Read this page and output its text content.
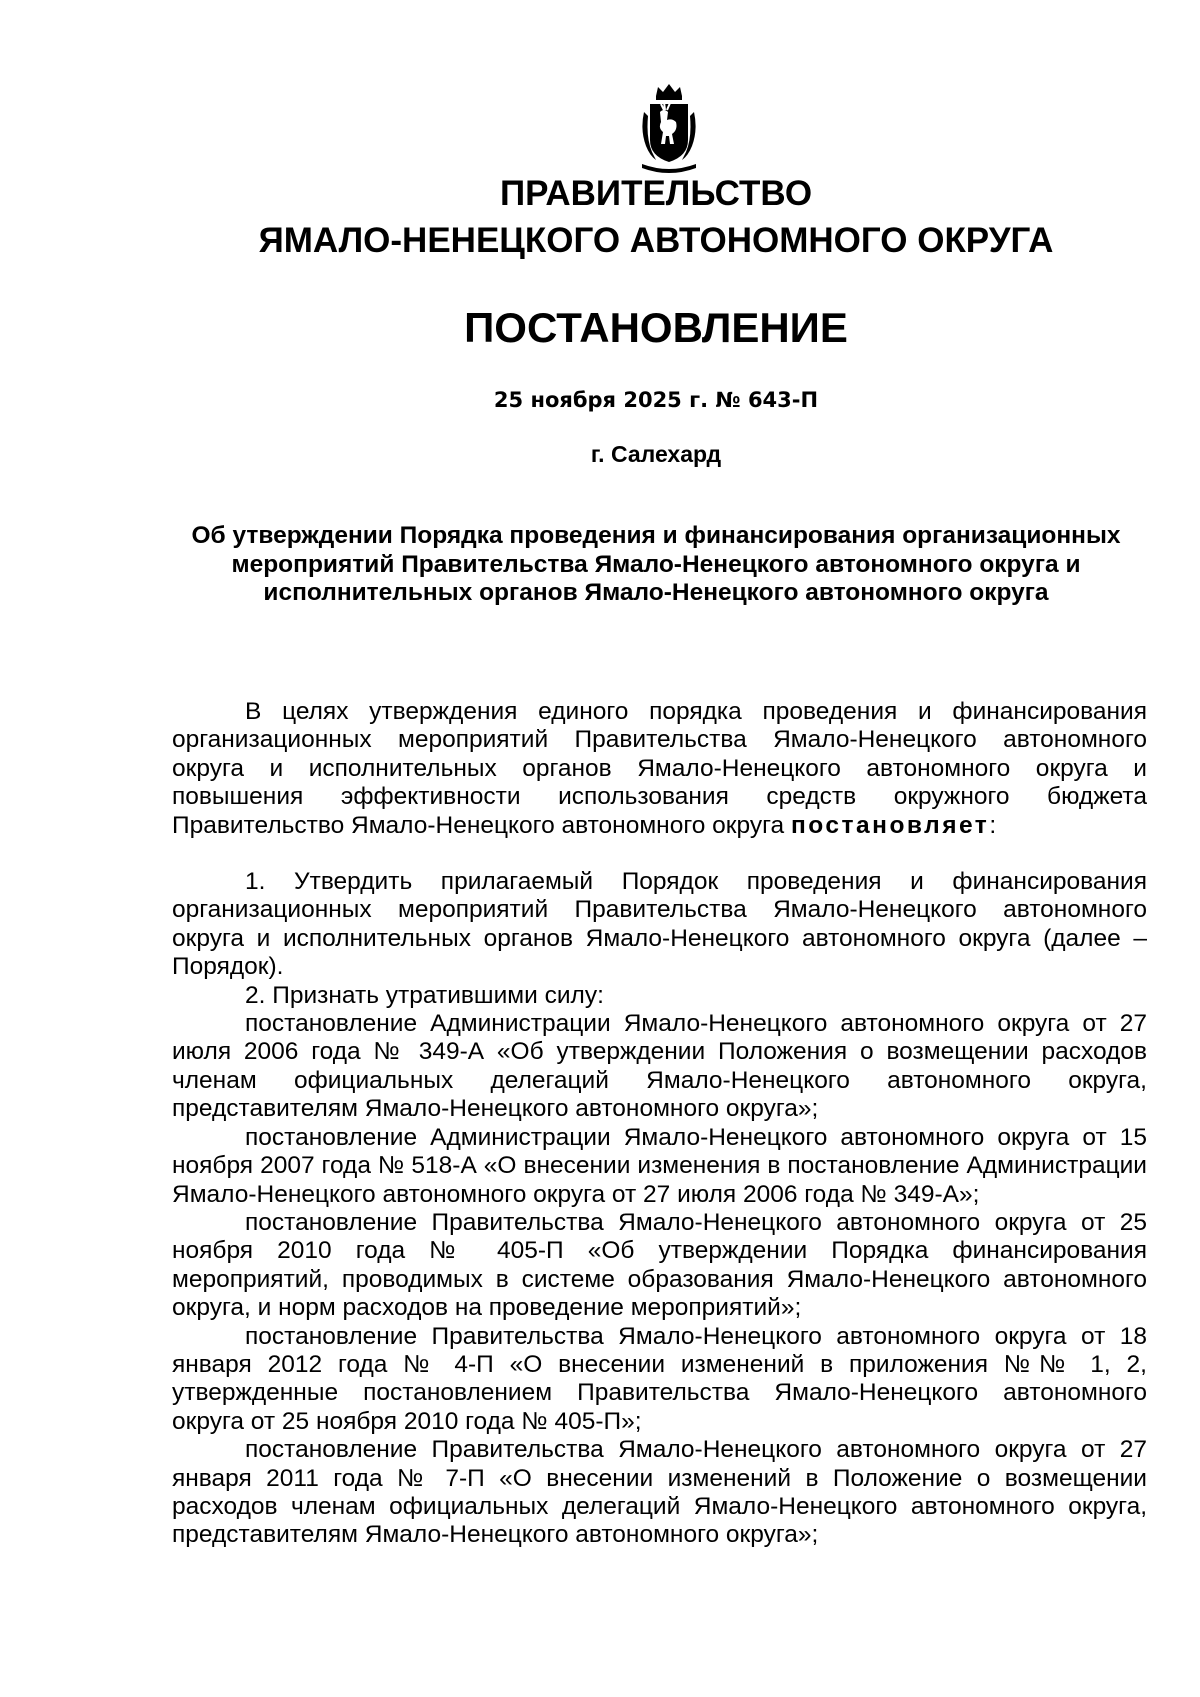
ПРАВИТЕЛЬСТВО
ЯМАЛО-НЕНЕЦКОГО АВТОНОМНОГО ОКРУГА
ПОСТАНОВЛЕНИЕ
25 ноября 2025 г. № 643-П
г. Салехард
Об утверждении Порядка проведения и финансирования организационных мероприятий Правительства Ямало-Ненецкого автономного округа и исполнительных органов Ямало-Ненецкого автономного округа

В целях утверждения единого порядка проведения и финансирования организационных мероприятий Правительства Ямало-Ненецкого автономного округа и исполнительных органов Ямало-Ненецкого автономного округа и повышения эффективности использования средств окружного бюджета Правительство Ямало-Ненецкого автономного округа постановляет:

1. Утвердить прилагаемый Порядок проведения и финансирования организационных мероприятий Правительства Ямало-Ненецкого автономного округа и исполнительных органов Ямало-Ненецкого автономного округа (далее – Порядок).

2. Признать утратившими силу:

постановление Администрации Ямало-Ненецкого автономного округа от 27 июля 2006 года № 349-А «Об утверждении Положения о возмещении расходов членам официальных делегаций Ямало-Ненецкого автономного округа, представителям Ямало-Ненецкого автономного округа»;

постановление Администрации Ямало-Ненецкого автономного округа от 15 ноября 2007 года № 518-А «О внесении изменения в постановление Администрации Ямало-Ненецкого автономного округа от 27 июля 2006 года № 349-А»;

постановление Правительства Ямало-Ненецкого автономного округа от 25 ноября 2010 года № 405-П «Об утверждении Порядка финансирования мероприятий, проводимых в системе образования Ямало-Ненецкого автономного округа, и норм расходов на проведение мероприятий»;

постановление Правительства Ямало-Ненецкого автономного округа от 18 января 2012 года № 4-П «О внесении изменений в приложения №№ 1, 2, утвержденные постановлением Правительства Ямало-Ненецкого автономного округа от 25 ноября 2010 года № 405-П»;

постановление Правительства Ямало-Ненецкого автономного округа от 27 января 2011 года № 7-П «О внесении изменений в Положение о возмещении расходов членам официальных делегаций Ямало-Ненецкого автономного округа, представителям Ямало-Ненецкого автономного округа»;
